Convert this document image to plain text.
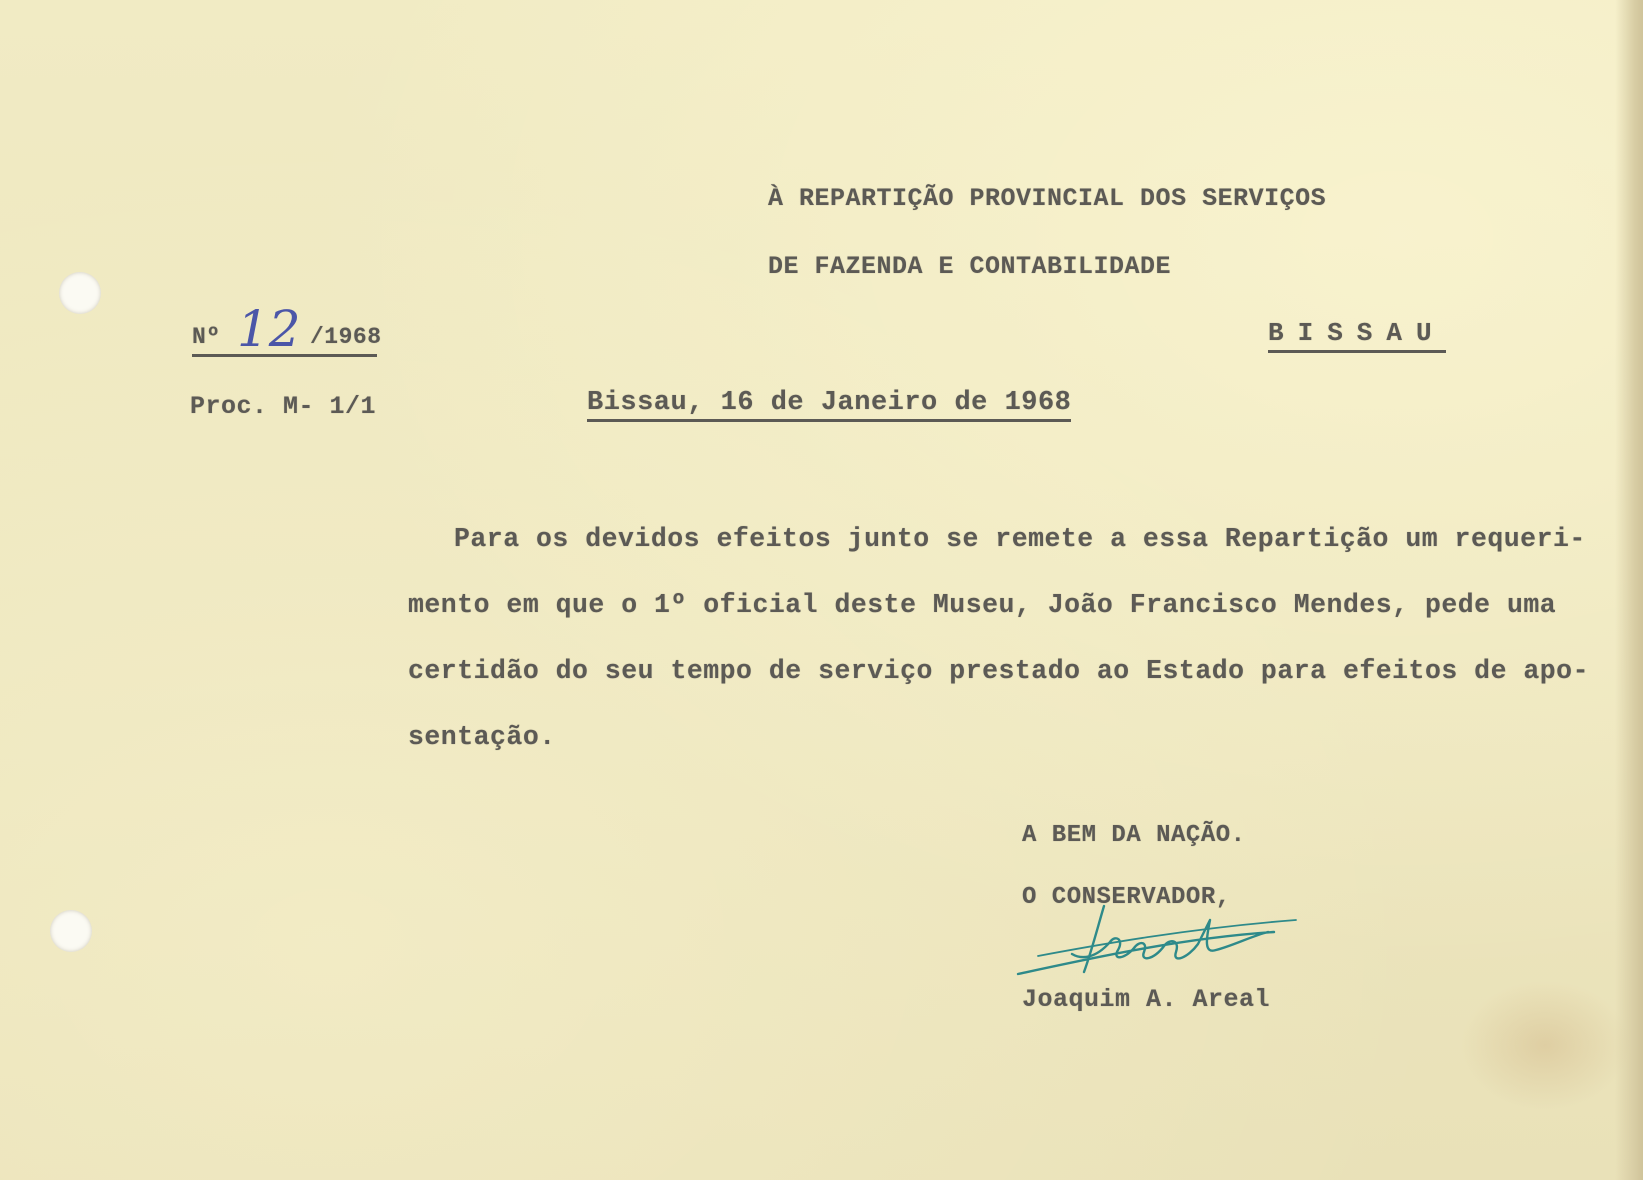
À REPARTIÇÃO PROVINCIAL DOS SERVIÇOS
DE FAZENDA E CONTABILIDADE
BISSAU
Nº 12 /1968
Proc. M- 1/1	Bissau, 16 de Janeiro de 1968
Para os devidos efeitos junto se remete a essa Repartição um requeri-
mento em que o 1º oficial deste Museu, João Francisco Mendes, pede uma
certidão do seu tempo de serviço prestado ao Estado para efeitos de apo-
sentação.
A BEM DA NAÇÃO.
O CONSERVADOR,
Joaquim A. Areal
